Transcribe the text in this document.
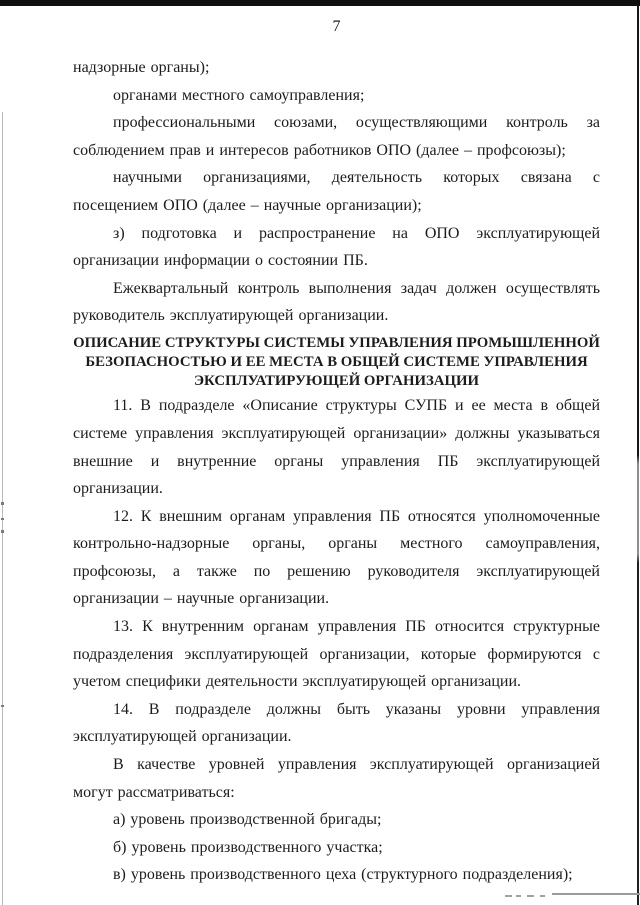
7

надзорные органы);

органами местного самоуправления;

профессиональными союзами, осуществляющими контроль за соблюдением прав и интересов работников ОПО (далее – профсоюзы);

научными организациями, деятельность которых связана с посещением ОПО (далее – научные организации);

з) подготовка и распространение на ОПО эксплуатирующей организации информации о состоянии ПБ.

Ежеквартальный контроль выполнения задач должен осуществлять руководитель эксплуатирующей организации.

ОПИСАНИЕ СТРУКТУРЫ СИСТЕМЫ УПРАВЛЕНИЯ ПРОМЫШЛЕННОЙ
БЕЗОПАСНОСТЬЮ И ЕЕ МЕСТА В ОБЩЕЙ СИСТЕМЕ УПРАВЛЕНИЯ
ЭКСПЛУАТИРУЮЩЕЙ ОРГАНИЗАЦИИ

11. В подразделе «Описание структуры СУПБ и ее места в общей системе управления эксплуатирующей организации» должны указываться внешние и внутренние органы управления ПБ эксплуатирующей организации.

12. К внешним органам управления ПБ относятся уполномоченные контрольно-надзорные органы, органы местного самоуправления, профсоюзы, а также по решению руководителя эксплуатирующей организации – научные организации.

13. К внутренним органам управления ПБ относится структурные подразделения эксплуатирующей организации, которые формируются с учетом специфики деятельности эксплуатирующей организации.

14. В подразделе должны быть указаны уровни управления эксплуатирующей организации.

В качестве уровней управления эксплуатирующей организацией могут рассматриваться:

а) уровень производственной бригады;

б) уровень производственного участка;

в) уровень производственного цеха (структурного подразделения);
